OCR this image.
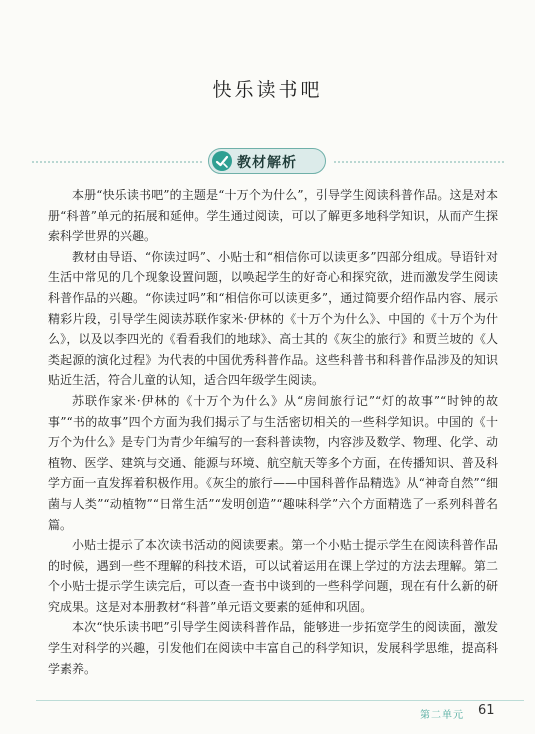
快乐读书吧
教材解析

本册“快乐读书吧”的主题是“十万个为什么”，引导学生阅读科普作品。这是对本册“科普”单元的拓展和延伸。学生通过阅读，可以了解更多地科学知识，从而产生探索科学世界的兴趣。

教材由导语、“你读过吗”、小贴士和“相信你可以读更多”四部分组成。导语针对生活中常见的几个现象设置问题，以唤起学生的好奇心和探究欲，进而激发学生阅读科普作品的兴趣。“你读过吗”和“相信你可以读更多”，通过简要介绍作品内容、展示精彩片段，引导学生阅读苏联作家米·伊林的《十万个为什么》、中国的《十万个为什么》，以及以李四光的《看看我们的地球》、高士其的《灰尘的旅行》和贾兰坡的《人类起源的演化过程》为代表的中国优秀科普作品。这些科普书和科普作品涉及的知识贴近生活，符合儿童的认知，适合四年级学生阅读。

苏联作家米·伊林的《十万个为什么》从“房间旅行记”“灯的故事”“时钟的故事”“书的故事”四个方面为我们揭示了与生活密切相关的一些科学知识。中国的《十万个为什么》是专门为青少年编写的一套科普读物，内容涉及数学、物理、化学、动植物、医学、建筑与交通、能源与环境、航空航天等多个方面，在传播知识、普及科学方面一直发挥着积极作用。《灰尘的旅行——中国科普作品精选》从“神奇自然”“细菌与人类”“动植物”“日常生活”“发明创造”“趣味科学”六个方面精选了一系列科普名篇。

小贴士提示了本次读书活动的阅读要素。第一个小贴士提示学生在阅读科普作品的时候，遇到一些不理解的科技术语，可以试着运用在课上学过的方法去理解。第二个小贴士提示学生读完后，可以查一查书中谈到的一些科学问题，现在有什么新的研究成果。这是对本册教材“科普”单元语文要素的延伸和巩固。

本次“快乐读书吧”引导学生阅读科普作品，能够进一步拓宽学生的阅读面，激发学生对科学的兴趣，引发他们在阅读中丰富自己的科学知识，发展科学思维，提高科学素养。

第二单元 61
